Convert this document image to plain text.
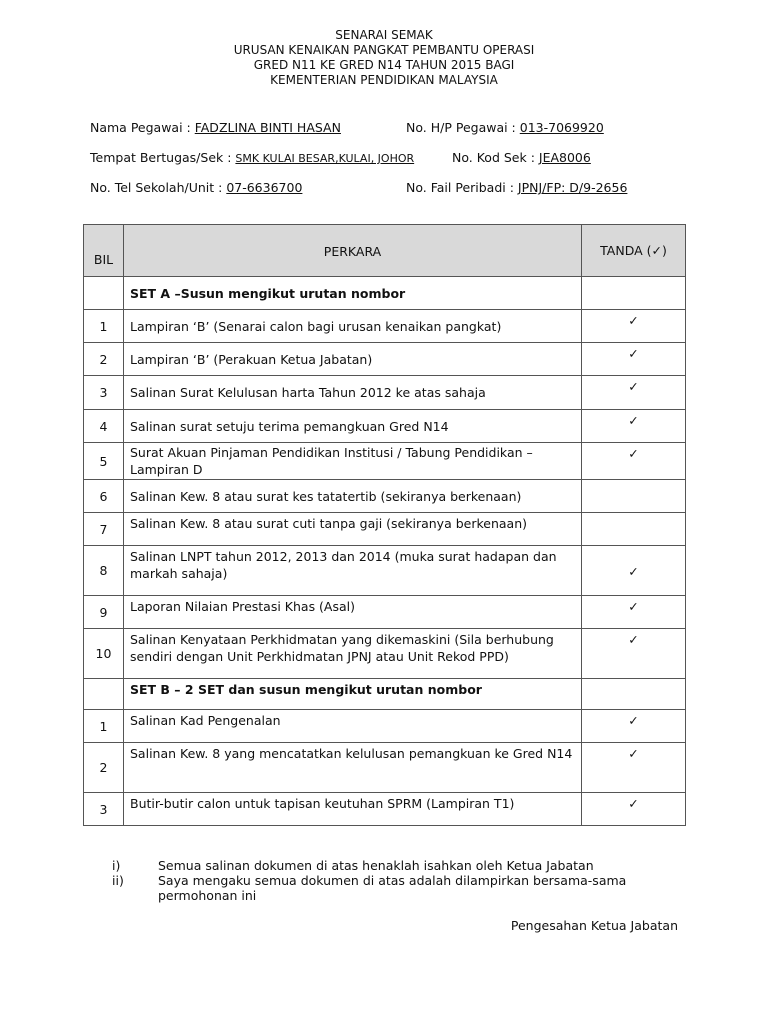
SENARAI SEMAK
URUSAN KENAIKAN PANGKAT PEMBANTU OPERASI
GRED N11 KE GRED N14 TAHUN 2015 BAGI
KEMENTERIAN PENDIDIKAN MALAYSIA
Nama Pegawai : FADZLINA BINTI HASAN	No. H/P Pegawai : 013-7069920
Tempat Bertugas/Sek : SMK KULAI BESAR,KULAI, JOHOR	No. Kod Sek : JEA8006
No. Tel Sekolah/Unit : 07-6636700	No. Fail Peribadi : JPNJ/FP: D/9-2656
BIL	PERKARA	TANDA (✓)
	SET A –Susun mengikut urutan nombor	
1	Lampiran ‘B’ (Senarai calon bagi urusan kenaikan pangkat)	✓
2	Lampiran ‘B’ (Perakuan Ketua Jabatan)	✓
3	Salinan Surat Kelulusan harta Tahun 2012 ke atas sahaja	✓
4	Salinan surat setuju terima pemangkuan Gred N14	✓
5	Surat Akuan Pinjaman Pendidikan Institusi / Tabung Pendidikan – Lampiran D	✓
6	Salinan Kew. 8 atau surat kes tatatertib (sekiranya berkenaan)	
7	Salinan Kew. 8 atau surat cuti tanpa gaji (sekiranya berkenaan)	
8	Salinan LNPT tahun 2012, 2013 dan 2014 (muka surat hadapan dan markah sahaja)	✓
9	Laporan Nilaian Prestasi Khas (Asal)	✓
10	Salinan Kenyataan Perkhidmatan yang dikemaskini (Sila berhubung sendiri dengan Unit Perkhidmatan JPNJ atau Unit Rekod PPD)	✓
	SET B – 2 SET dan susun mengikut urutan nombor	
1	Salinan Kad Pengenalan	✓
2	Salinan Kew. 8 yang mencatatkan kelulusan pemangkuan ke Gred N14	✓
3	Butir-butir calon untuk tapisan keutuhan SPRM (Lampiran T1)	✓
i)	Semua salinan dokumen di atas henaklah isahkan oleh Ketua Jabatan
ii)	Saya mengaku semua dokumen di atas adalah dilampirkan bersama-sama permohonan ini
Pengesahan Ketua Jabatan
